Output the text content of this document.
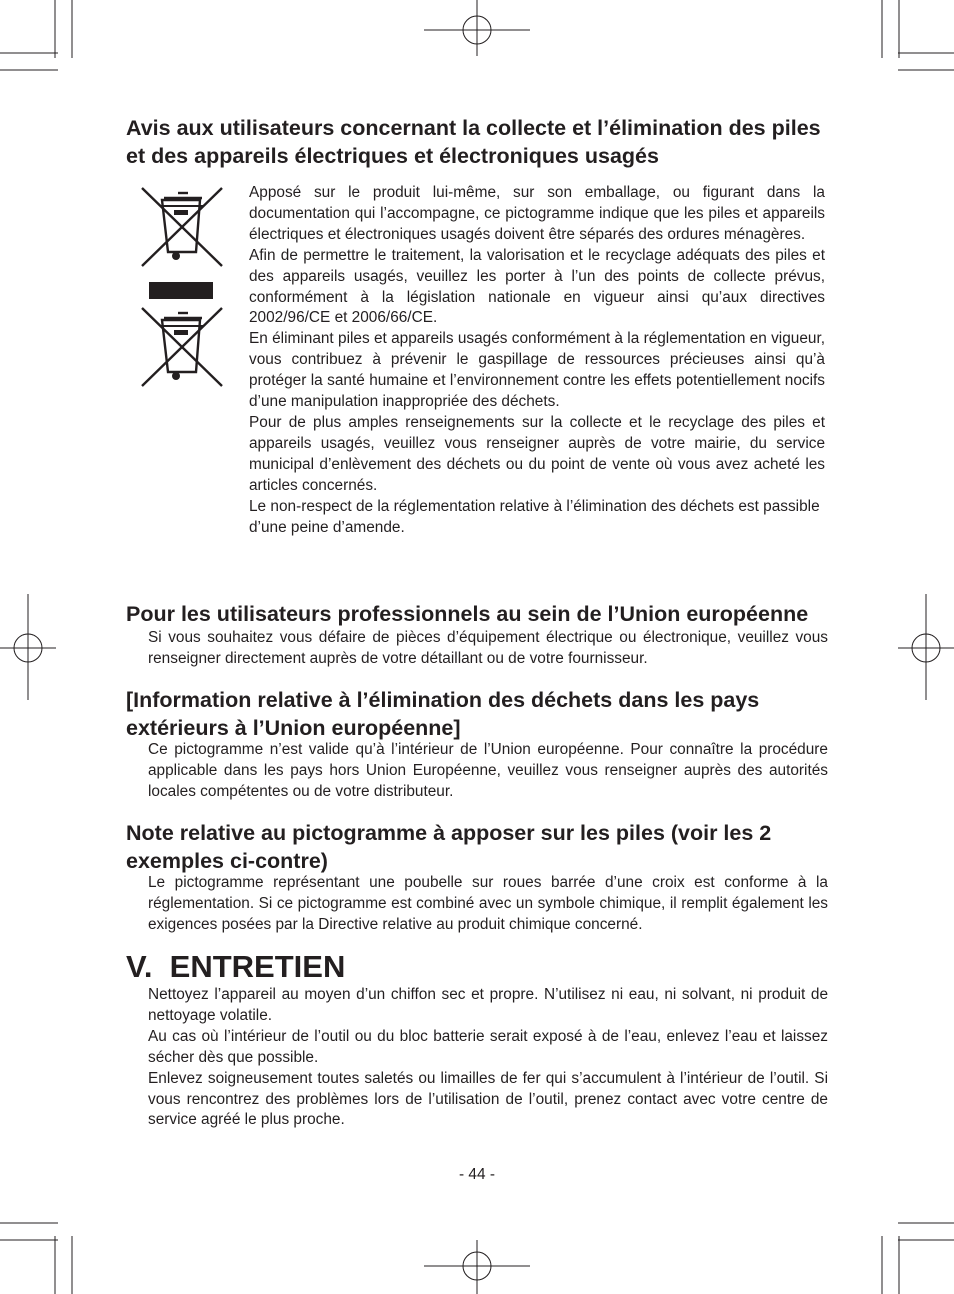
Avis aux utilisateurs concernant la collecte et l’élimination des piles et des appareils électriques et électroniques usagés

Apposé sur le produit lui-même, sur son emballage, ou figurant dans la documentation qui l’accompagne, ce pictogramme indique que les piles et appareils électriques et électroniques usagés doivent être séparés des ordures ménagères.

Afin de permettre le traitement, la valorisation et le recyclage adéquats des piles et des appareils usagés, veuillez les porter à l’un des points de collecte prévus, conformément à la législation nationale en vigueur ainsi qu’aux directives 2002/96/CE et 2006/66/CE.

En éliminant piles et appareils usagés conformément à la réglementation en vigueur, vous contribuez à prévenir le gaspillage de ressources précieuses ainsi qu’à protéger la santé humaine et l’environnement contre les effets potentiellement nocifs d’une manipulation inappropriée des déchets.

Pour de plus amples renseignements sur la collecte et le recyclage des piles et appareils usagés, veuillez vous renseigner auprès de votre mairie, du service municipal d’enlèvement des déchets ou du point de vente où vous avez acheté les articles concernés.

Le non-respect de la réglementation relative à l’élimination des déchets est passible d’une peine d’amende.

Pour les utilisateurs professionnels au sein de l’Union européenne

Si vous souhaitez vous défaire de pièces d’équipement électrique ou électronique, veuillez vous renseigner directement auprès de votre détaillant ou de votre fournisseur.

[Information relative à l’élimination des déchets dans les pays extérieurs à l’Union européenne]

Ce pictogramme n’est valide qu’à l’intérieur de l’Union européenne. Pour connaître la procédure applicable dans les pays hors Union Européenne, veuillez vous renseigner auprès des autorités locales compétentes ou de votre distributeur.

Note relative au pictogramme à apposer sur les piles (voir les 2 exemples ci-contre)

Le pictogramme représentant une poubelle sur roues barrée d’une croix est conforme à la réglementation. Si ce pictogramme est combiné avec un symbole chimique, il remplit également les exigences posées par la Directive relative au produit chimique concerné.

V.  ENTRETIEN

Nettoyez l’appareil au moyen d’un chiffon sec et propre. N’utilisez ni eau, ni solvant, ni produit de nettoyage volatile.

Au cas où l’intérieur de l’outil ou du bloc batterie serait exposé à de l’eau, enlevez l’eau et laissez sécher dès que possible.

Enlevez soigneusement toutes saletés ou limailles de fer qui s’accumulent à l’intérieur de l’outil. Si vous rencontrez des problèmes lors de l’utilisation de l’outil, prenez contact avec votre centre de service agréé le plus proche.

- 44 -
